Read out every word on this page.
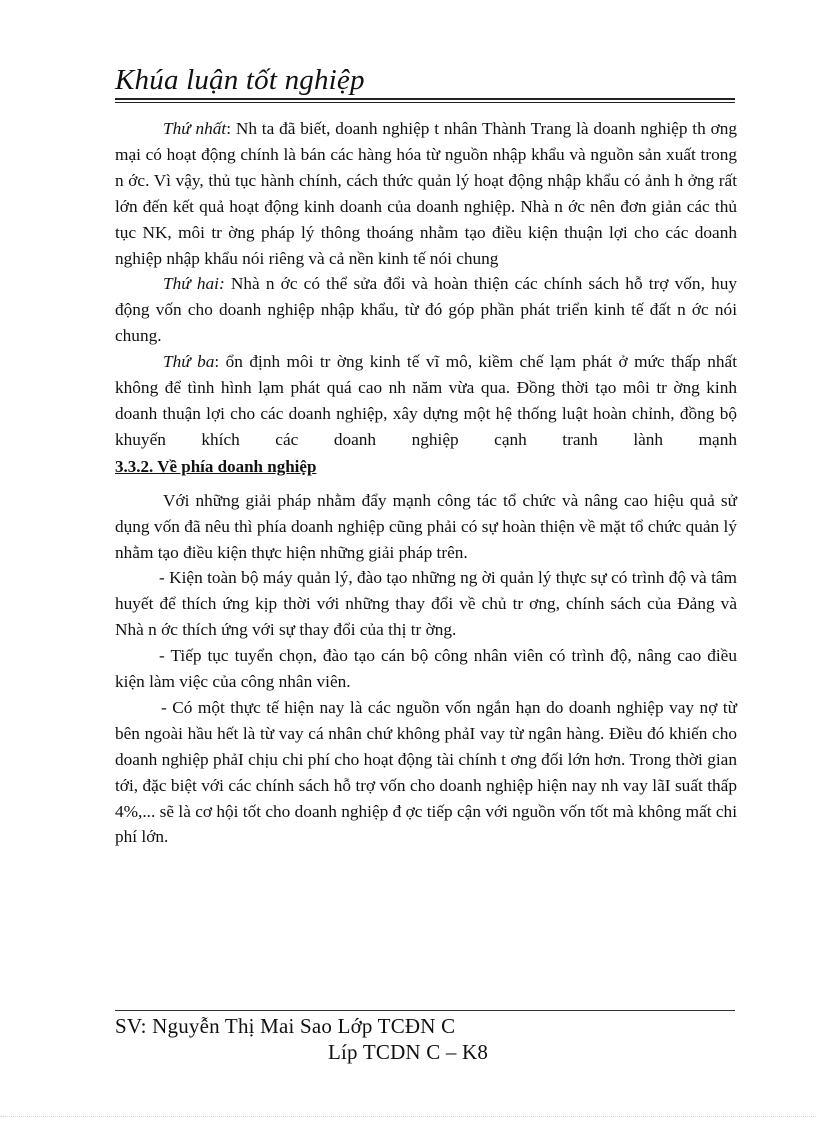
Khúa luận tốt nghiệp

Thứ nhất: Nh ta đã biết, doanh nghiệp t nhân Thành Trang là doanh nghiệp th ơng mại có hoạt động chính là bán các hàng hóa từ nguồn nhập khẩu và nguồn sản xuất trong n ớc. Vì vậy, thủ tục hành chính, cách thức quản lý hoạt động nhập khẩu có ảnh h ởng rất lớn đến kết quả hoạt động kinh doanh của doanh nghiệp. Nhà n ớc nên đơn giản các thủ tục NK, môi tr ờng pháp lý thông thoáng nhằm tạo điều kiện thuận lợi cho các doanh nghiệp nhập khẩu nói riêng và cả nền kinh tế nói chung

Thứ hai: Nhà n ớc có thể sửa đổi và hoàn thiện các chính sách hỗ trợ vốn, huy động vốn cho doanh nghiệp nhập khẩu, từ đó góp phần phát triển kinh tế đất n ớc nói chung.

Thứ ba: ổn định môi tr ờng kinh tế vĩ mô, kiềm chế lạm phát ở mức thấp nhất không để tình hình lạm phát quá cao nh năm vừa qua. Đồng thời tạo môi tr ờng kinh doanh thuận lợi cho các doanh nghiệp, xây dựng một hệ thống luật hoàn chỉnh, đồng bộ khuyến khích các doanh nghiệp cạnh tranh lành mạnh

3.3.2. Về phía doanh nghiệp

Với những giải pháp nhằm đẩy mạnh công tác tổ chức và nâng cao hiệu quả sử dụng vốn đã nêu thì phía doanh nghiệp cũng phải có sự hoàn thiện về mặt tổ chức quản lý nhằm tạo điều kiện thực hiện những giải pháp trên.

- Kiện toàn bộ máy quản lý, đào tạo những ng ời quản lý thực sự có trình độ và tâm huyết để thích ứng kịp thời với những thay đổi về chủ tr ơng, chính sách của Đảng và Nhà n ớc thích ứng với sự thay đổi của thị tr ờng.

- Tiếp tục tuyển chọn, đào tạo cán bộ công nhân viên có trình độ, nâng cao điều kiện làm việc của công nhân viên.

- Có một thực tế hiện nay là các nguồn vốn ngắn hạn do doanh nghiệp vay nợ từ bên ngoài hầu hết là từ vay cá nhân chứ không phảI vay từ ngân hàng. Điều đó khiến cho doanh nghiệp phảI chịu chi phí cho hoạt động tài chính t ơng đối lớn hơn. Trong thời gian tới, đặc biệt với các chính sách hỗ trợ vốn cho doanh nghiệp hiện nay nh vay lãI suất thấp 4%,... sẽ là cơ hội tốt cho doanh nghiệp đ ợc tiếp cận với nguồn vốn tốt mà không mất chi phí lớn.

SV: Nguyễn Thị Mai Sao Lớp TCĐN C
Líp TCDN C – K8
